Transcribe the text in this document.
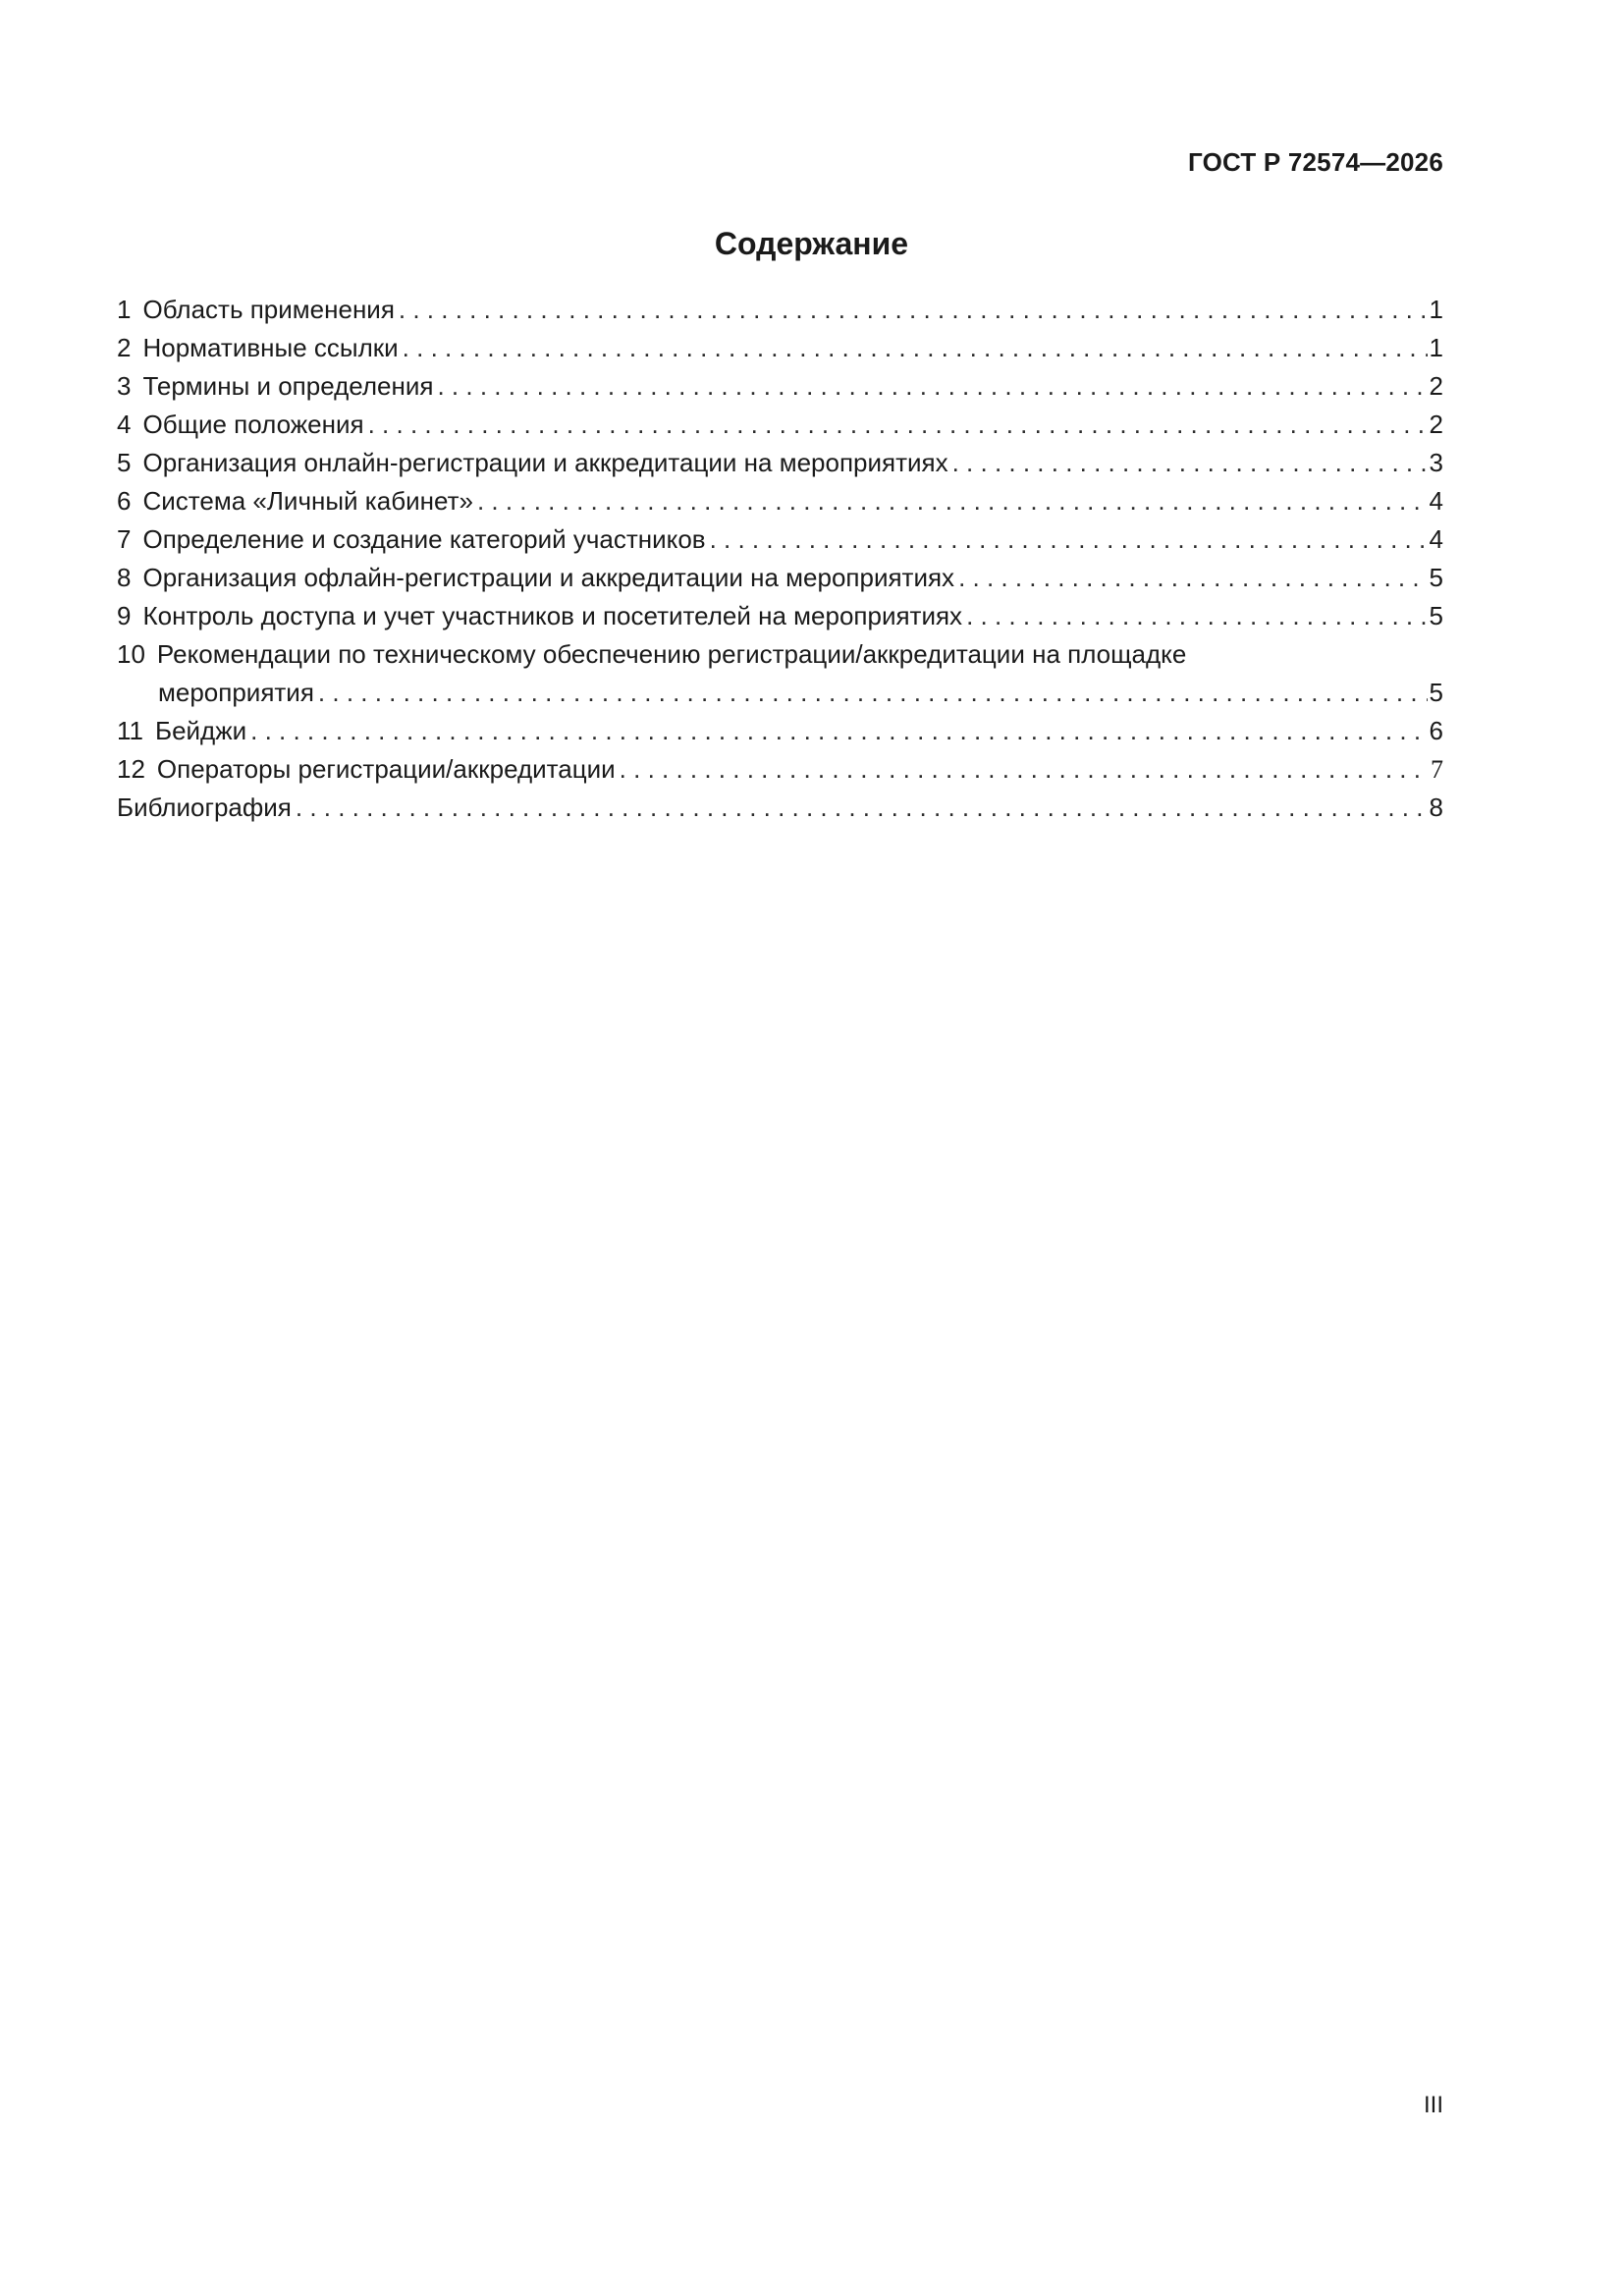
ГОСТ Р 72574—2026
Содержание
1 Область применения . . .	1
2 Нормативные ссылки . . .	1
3 Термины и определения . . .	2
4 Общие положения . . .	2
5 Организация онлайн-регистрации и аккредитации на мероприятиях . . .	3
6 Система «Личный кабинет» . . .	4
7 Определение и создание категорий участников . . .	4
8 Организация офлайн-регистрации и аккредитации на мероприятиях . . .	5
9 Контроль доступа и учет участников и посетителей на мероприятиях . . .	5
10 Рекомендации по техническому обеспечению регистрации/аккредитации на площадке
мероприятия . . .	5
11 Бейджи . . .	6
12 Операторы регистрации/аккредитации . . .	7
Библиография . . .	8
III
